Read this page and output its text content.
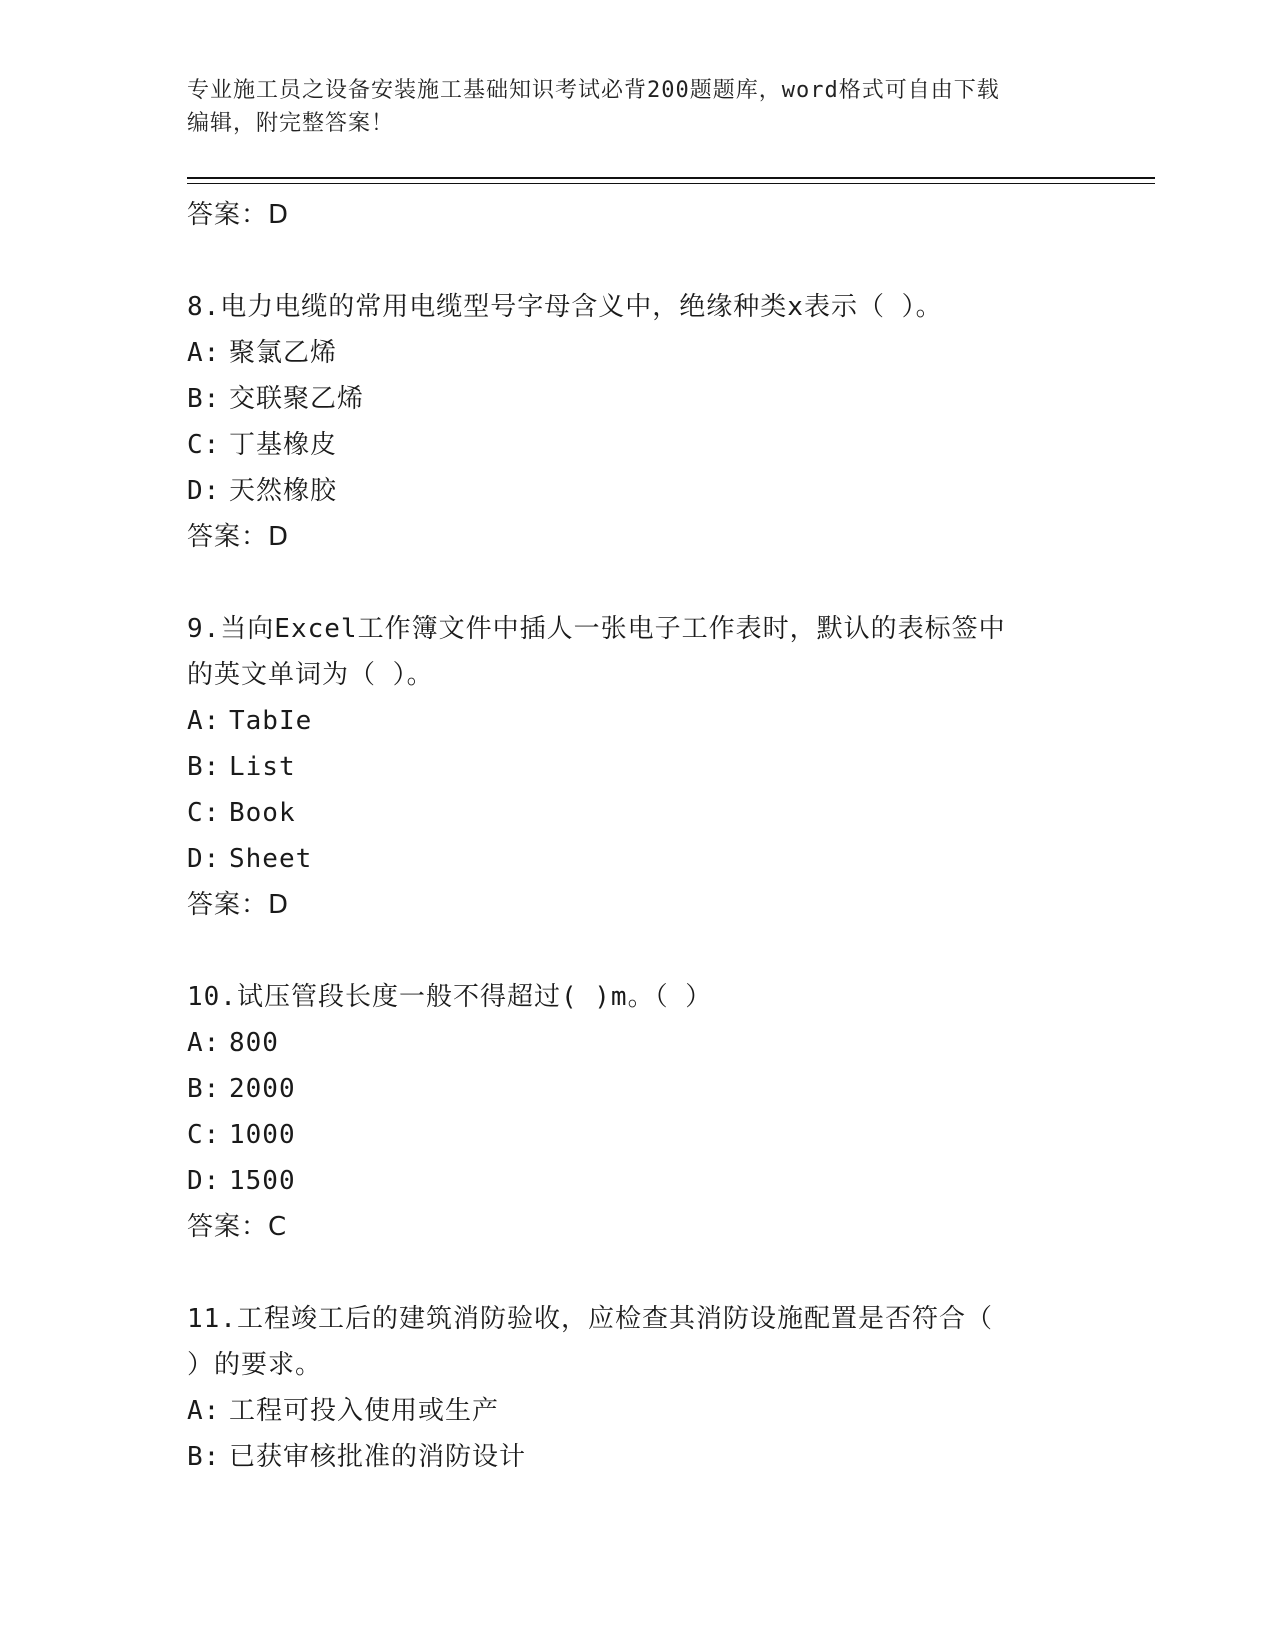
专业施工员之设备安装施工基础知识考试必背200题题库，word格式可自由下载
编辑，附完整答案！
答案：D
8.电力电缆的常用电缆型号字母含义中，绝缘种类x表示（ ）。
A: 聚氯乙烯
B: 交联聚乙烯
C: 丁基橡皮
D: 天然橡胶
答案：D
9.当向Excel工作簿文件中插人一张电子工作表时，默认的表标签中
的英文单词为（ ）。
A: TabIe
B: List
C: Book
D: Sheet
答案：D
10.试压管段长度一般不得超过( )m。（ ）
A: 800
B: 2000
C: 1000
D: 1500
答案：C
11.工程竣工后的建筑消防验收，应检查其消防设施配置是否符合（
）的要求。
A: 工程可投入使用或生产
B: 已获审核批准的消防设计
